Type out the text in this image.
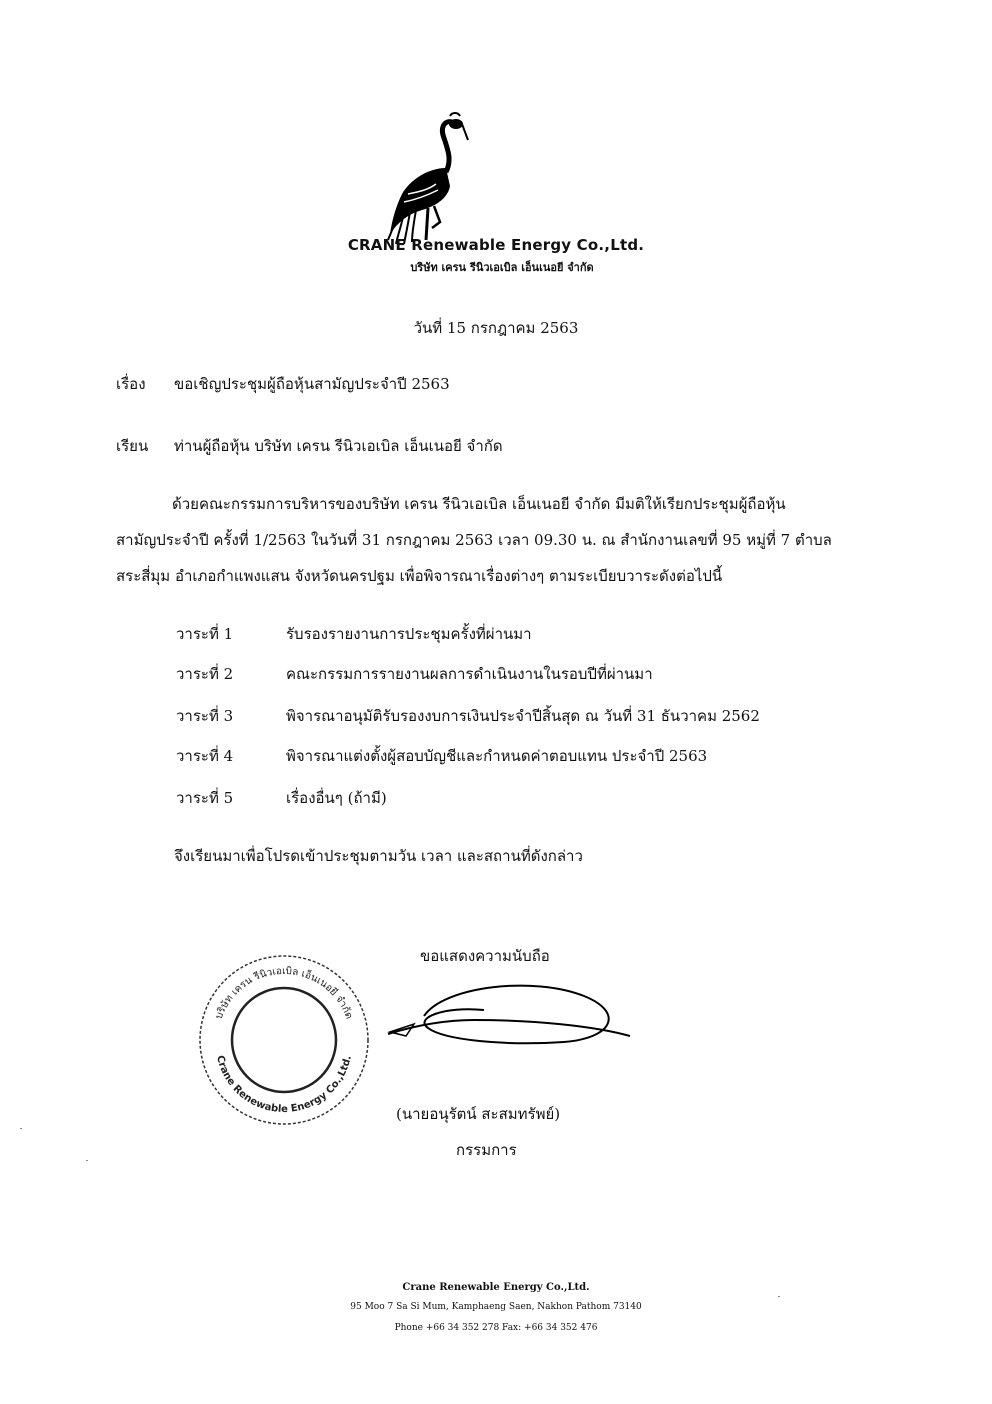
CRANE Renewable Energy Co.,Ltd.
บริษัท เครน รีนิวเอเบิล เอ็นเนอยี จำกัด
วันที่ 15 กรกฎาคม 2563
เรื่อง ขอเชิญประชุมผู้ถือหุ้นสามัญประจำปี 2563
เรียน ท่านผู้ถือหุ้น บริษัท เครน รีนิวเอเบิล เอ็นเนอยี จำกัด
ด้วยคณะกรรมการบริหารของบริษัท เครน รีนิวเอเบิล เอ็นเนอยี จำกัด มีมติให้เรียกประชุมผู้ถือหุ้น
สามัญประจำปี ครั้งที่ 1/2563 ในวันที่ 31 กรกฎาคม 2563 เวลา 09.30 น. ณ สำนักงานเลขที่ 95 หมู่ที่ 7 ตำบล
สระสี่มุม อำเภอกำแพงแสน จังหวัดนครปฐม เพื่อพิจารณาเรื่องต่างๆ ตามระเบียบวาระดังต่อไปนี้
วาระที่ 1	รับรองรายงานการประชุมครั้งที่ผ่านมา
วาระที่ 2	คณะกรรมการรายงานผลการดำเนินงานในรอบปีที่ผ่านมา
วาระที่ 3	พิจารณาอนุมัติรับรองงบการเงินประจำปีสิ้นสุด ณ วันที่ 31 ธันวาคม 2562
วาระที่ 4	พิจารณาแต่งตั้งผู้สอบบัญชีและกำหนดค่าตอบแทน ประจำปี 2563
วาระที่ 5	เรื่องอื่นๆ (ถ้ามี)
จึงเรียนมาเพื่อโปรดเข้าประชุมตามวัน เวลา และสถานที่ดังกล่าว
ขอแสดงความนับถือ
บริษัท เครน รีนิวเอเบิล เอ็นเนอยี จำกัด
Crane Renewable Energy Co.,Ltd.
(นายอนุรัตน์ สะสมทรัพย์)
กรรมการ
Crane Renewable Energy Co.,Ltd.
95 Moo 7 Sa Si Mum, Kamphaeng Saen, Nakhon Pathom 73140
Phone +66 34 352 278 Fax: +66 34 352 476
